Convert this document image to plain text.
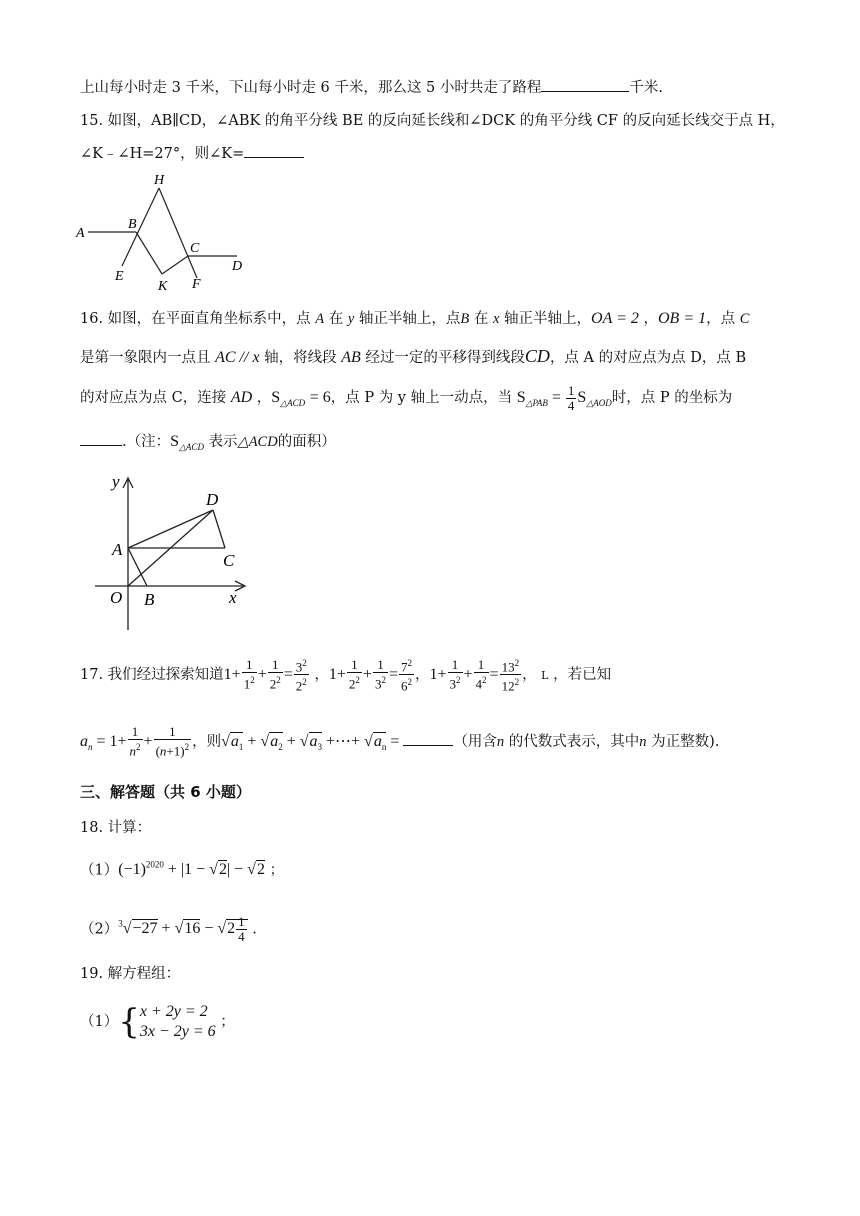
上山每小时走 3 千米，下山每小时走 6 千米，那么这 5 小时共走了路程	千米.
15. 如图，AB∥CD，∠ABK 的角平分线 BE 的反向延长线和∠DCK 的角平分线 CF 的反向延长线交于点 H，
∠K﹣∠H=27°，则∠K=
H
A
B
C
D
E
K F
16. 如图，在平面直角坐标系中，点 A 在 y 轴正半轴上，点B 在 x 轴正半轴上，OA = 2 ，OB = 1，点 C
是第一象限内一点且 AC // x 轴，将线段 AB 经过一定的平移得到线段CD，点 A 的对应点为点 D，点 B
的对应点为点 C，连接 AD ，$S_{\triangle ACD} = 6$，点 P 为 y 轴上一动点，当 $S_{\triangle PAB} = \frac{1}{4} S_{\triangle AOD}$时，点 P 的坐标为
.（注：$S_{\triangle ACD}$ 表示△ACD的面积）
y
D
A
C
O B	x
17. 我们经过探索知道$1+ \frac{1}{1^2} + \frac{1}{2^2} = \frac{3^2}{2^2}$ ，$1+ \frac{1}{2^2} + \frac{1}{3^2} = \frac{7^2}{6^2}$ ，$1+ \frac{1}{3^2} + \frac{1}{4^2} = \frac{13^2}{12^2}$ ， L ，若已知
$a_n = 1+ \frac{1}{n^2} + \frac{1}{(n+1)^2}$ ，则$√a_1 + √a_2 + √a_3$ +⋯+ $√a_n$ =	（用含n 的代数式表示，其中n 为正整数).
三、解答题（共 6 小题）
18. 计算：
$(1)(-1)^{2020} + |1 - √2| - √2$ ；
$(2)^3√-27 + √16 - √2 \frac{1}{4}$ .
19. 解方程组：
（1）{ x + 2y = 2
3x − 2y = 6
；
